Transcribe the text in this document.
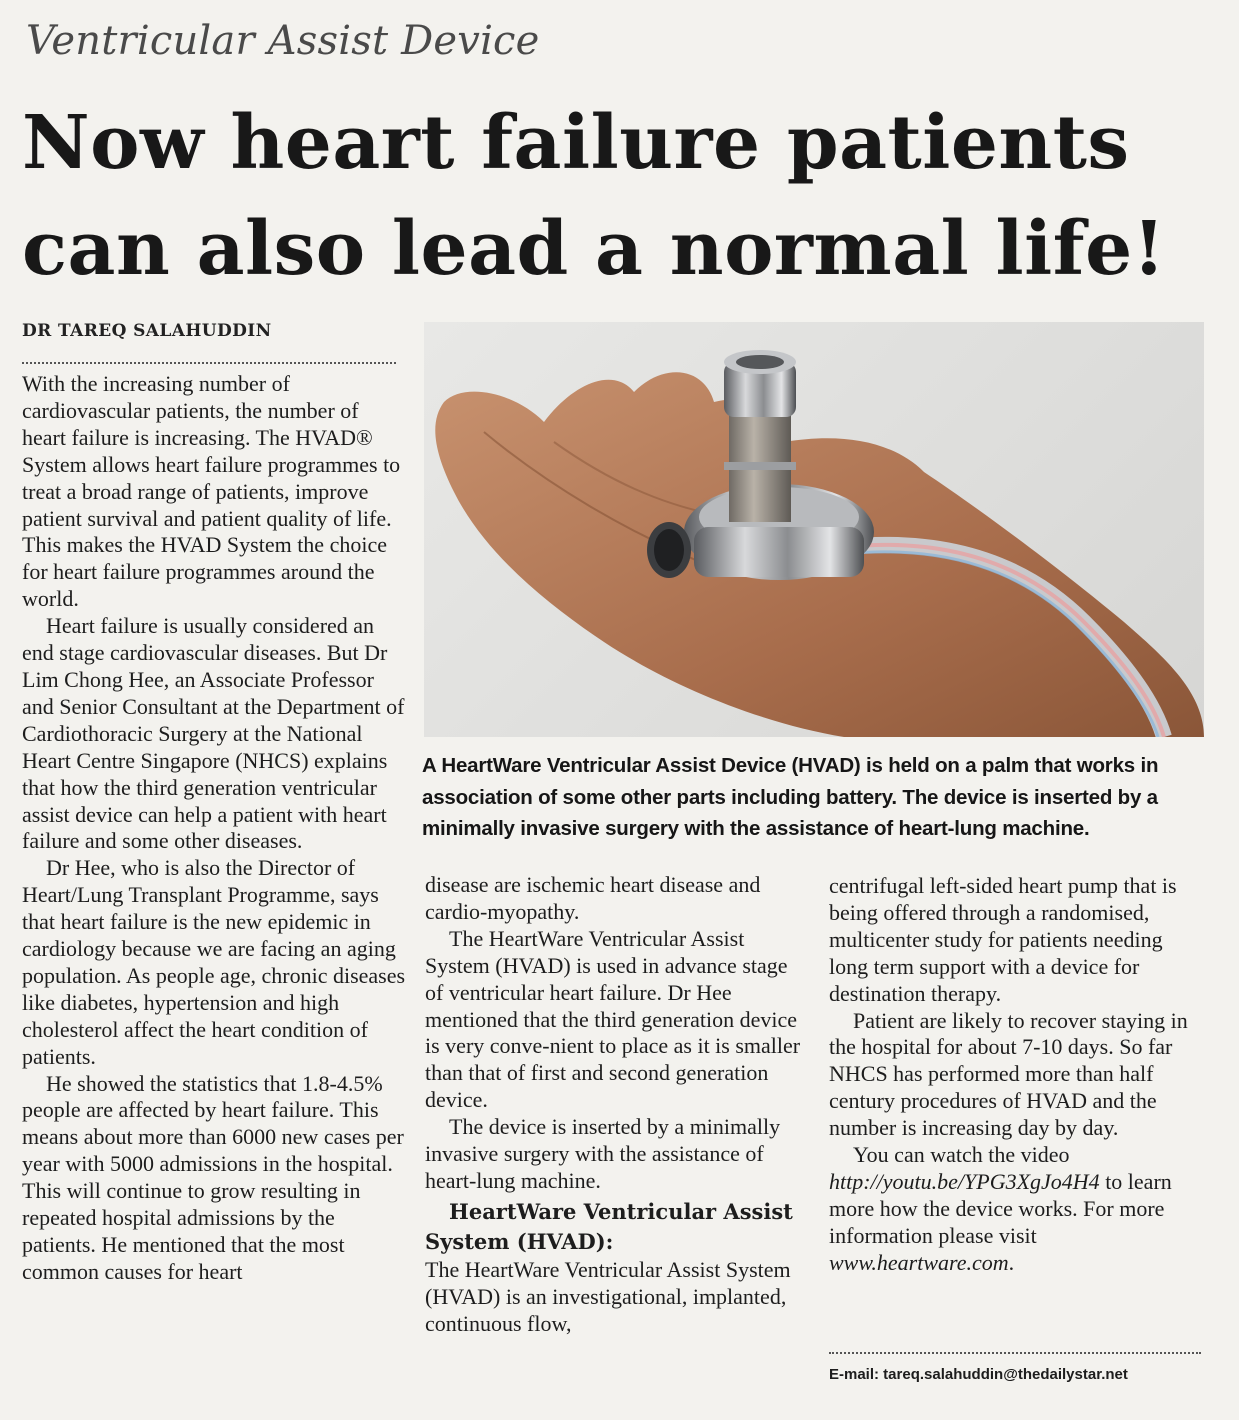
Ventricular Assist Device
Now heart failure patients can also lead a normal life!
DR TAREQ SALAHUDDIN
A HeartWare Ventricular Assist Device (HVAD) is held on a palm that works in association of some other parts including battery. The device is inserted by a minimally invasive surgery with the assistance of heart-lung machine.

With the increasing number of cardiovascular patients, the number of heart failure is increasing. The HVAD® System allows heart failure programmes to treat a broad range of patients, improve patient survival and patient quality of life. This makes the HVAD System the choice for heart failure programmes around the world.

Heart failure is usually considered an end stage cardiovascular diseases. But Dr Lim Chong Hee, an Associate Professor and Senior Consultant at the Department of Cardiothoracic Surgery at the National Heart Centre Singapore (NHCS) explains that how the third generation ventricular assist device can help a patient with heart failure and some other diseases.

Dr Hee, who is also the Director of Heart/Lung Transplant Programme, says that heart failure is the new epidemic in cardiology because we are facing an aging population. As people age, chronic diseases like diabetes, hypertension and high cholesterol affect the heart condition of patients.

He showed the statistics that 1.8-4.5% people are affected by heart failure. This means about more than 6000 new cases per year with 5000 admissions in the hospital. This will continue to grow resulting in repeated hospital admissions by the patients. He mentioned that the most common causes for heart

disease are ischemic heart disease and cardio-myopathy.

The HeartWare Ventricular Assist System (HVAD) is used in advance stage of ventricular heart failure. Dr Hee mentioned that the third generation device is very conve-nient to place as it is smaller than that of first and second generation device.

The device is inserted by a minimally invasive surgery with the assistance of heart-lung machine.

HeartWare Ventricular Assist System (HVAD):

The HeartWare Ventricular Assist System (HVAD) is an investigational, implanted, continuous flow,

centrifugal left-sided heart pump that is being offered through a randomised, multicenter study for patients needing long term support with a device for destination therapy.

Patient are likely to recover staying in the hospital for about 7-10 days. So far NHCS has performed more than half century procedures of HVAD and the number is increasing day by day.

You can watch the video http://youtu.be/YPG3XgJo4H4 to learn more how the device works. For more information please visit www.heartware.com.

E-mail: tareq.salahuddin@thedailystar.net
